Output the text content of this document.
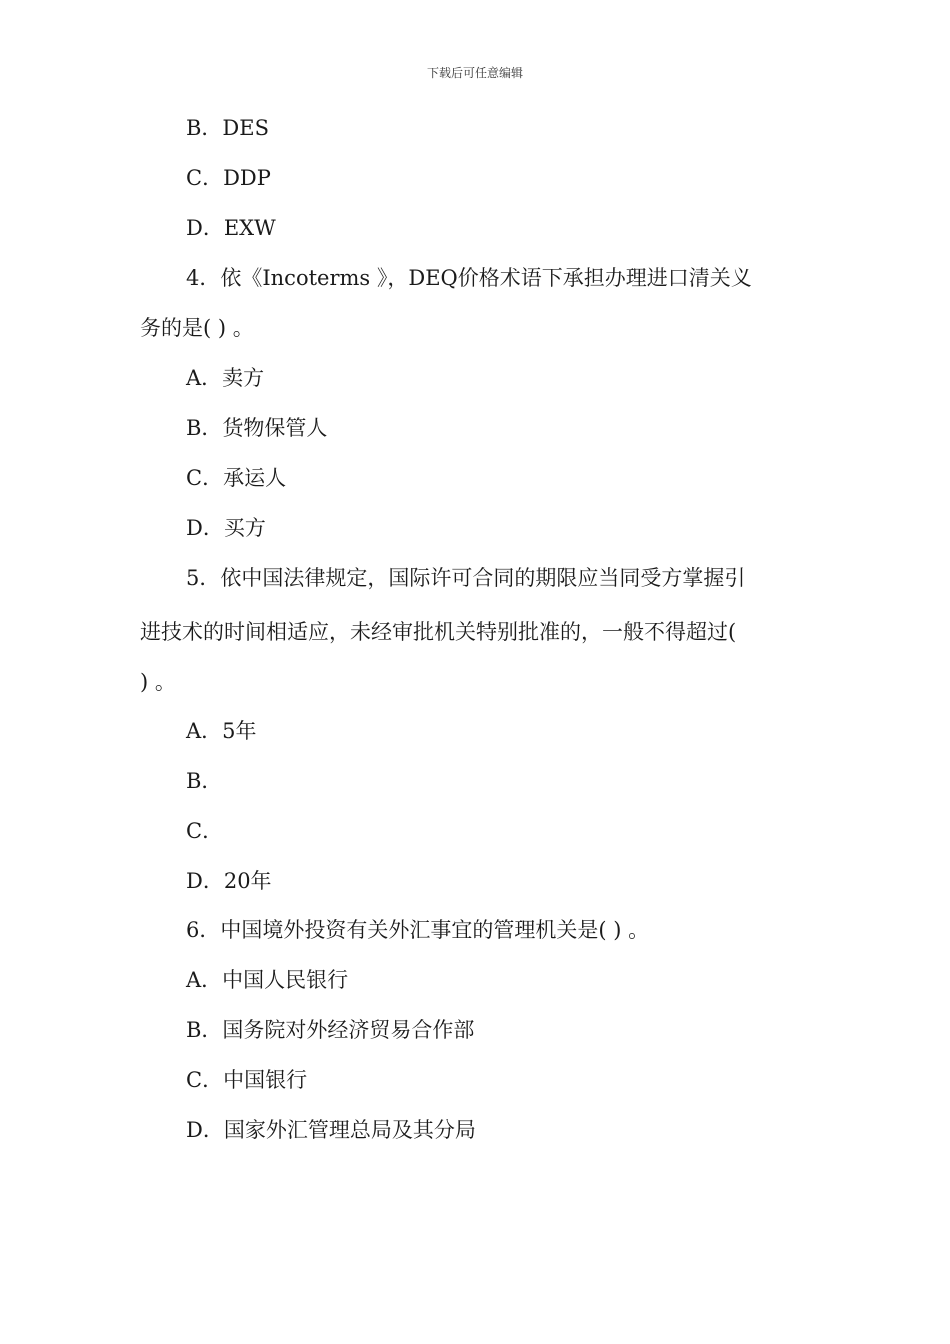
下载后可任意编辑
B．DES
C．DDP
D．EXW
4．依《Incoterms 》，DEQ价格术语下承担办理进口清关义
务的是( ) 。
A．卖方
B．货物保管人
C．承运人
D．买方
5．依中国法律规定，国际许可合同的期限应当同受方掌握引
进技术的时间相适应，未经审批机关特别批准的，一般不得超过(
) 。
A．5年
B．
C．
D．20年
6．中国境外投资有关外汇事宜的管理机关是( ) 。
A．中国人民银行
B．国务院对外经济贸易合作部
C．中国银行
D．国家外汇管理总局及其分局
